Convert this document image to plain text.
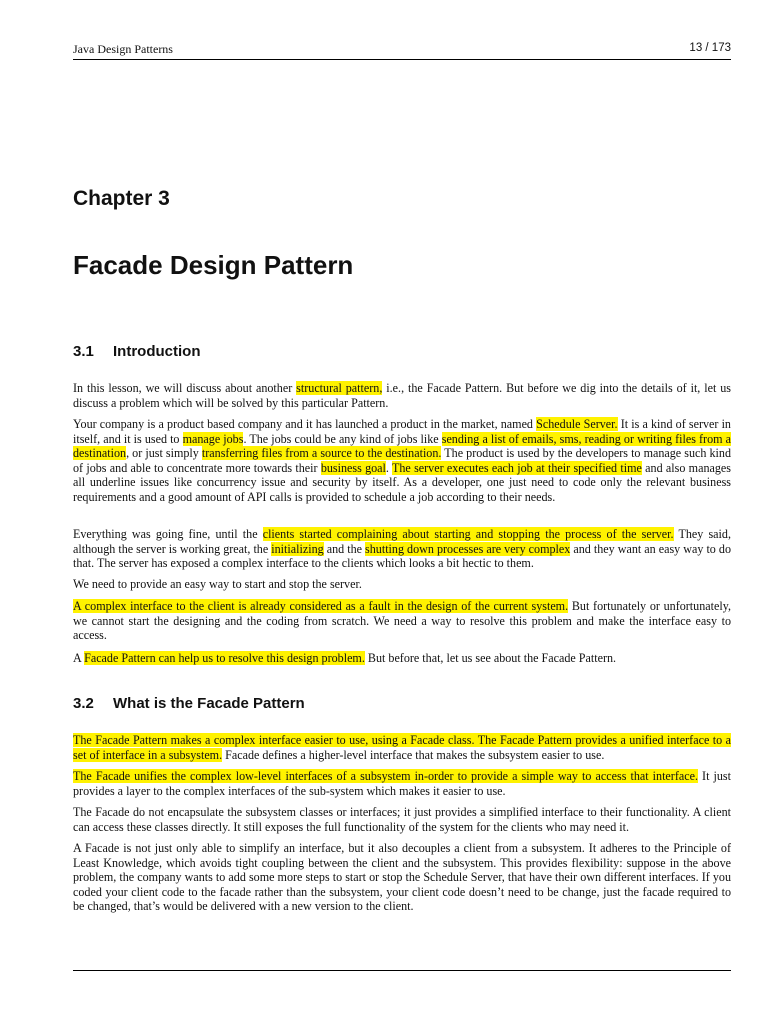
Java Design Patterns	13 / 173
Chapter 3
Facade Design Pattern
3.1 Introduction

In this lesson, we will discuss about another structural pattern, i.e., the Facade Pattern. But before we dig into the details of it, let us discuss a problem which will be solved by this particular Pattern.

Your company is a product based company and it has launched a product in the market, named Schedule Server. It is a kind of server in itself, and it is used to manage jobs. The jobs could be any kind of jobs like sending a list of emails, sms, reading or writing files from a destination, or just simply transferring files from a source to the destination. The product is used by the developers to manage such kind of jobs and able to concentrate more towards their business goal. The server executes each job at their specified time and also manages all underline issues like concurrency issue and security by itself. As a developer, one just need to code only the relevant business requirements and a good amount of API calls is provided to schedule a job according to their needs.

Everything was going fine, until the clients started complaining about starting and stopping the process of the server. They said, although the server is working great, the initializing and the shutting down processes are very complex and they want an easy way to do that. The server has exposed a complex interface to the clients which looks a bit hectic to them.

We need to provide an easy way to start and stop the server.

A complex interface to the client is already considered as a fault in the design of the current system. But fortunately or unfortunately, we cannot start the designing and the coding from scratch. We need a way to resolve this problem and make the interface easy to access.

A Facade Pattern can help us to resolve this design problem. But before that, let us see about the Facade Pattern.

3.2 What is the Facade Pattern

The Facade Pattern makes a complex interface easier to use, using a Facade class. The Facade Pattern provides a unified interface to a set of interface in a subsystem. Facade defines a higher-level interface that makes the subsystem easier to use.

The Facade unifies the complex low-level interfaces of a subsystem in-order to provide a simple way to access that interface. It just provides a layer to the complex interfaces of the sub-system which makes it easier to use.

The Facade do not encapsulate the subsystem classes or interfaces; it just provides a simplified interface to their functionality. A client can access these classes directly. It still exposes the full functionality of the system for the clients who may need it.

A Facade is not just only able to simplify an interface, but it also decouples a client from a subsystem. It adheres to the Principle of Least Knowledge, which avoids tight coupling between the client and the subsystem. This provides flexibility: suppose in the above problem, the company wants to add some more steps to start or stop the Schedule Server, that have their own different interfaces. If you coded your client code to the facade rather than the subsystem, your client code doesn’t need to be change, just the facade required to be changed, that’s would be delivered with a new version to the client.
